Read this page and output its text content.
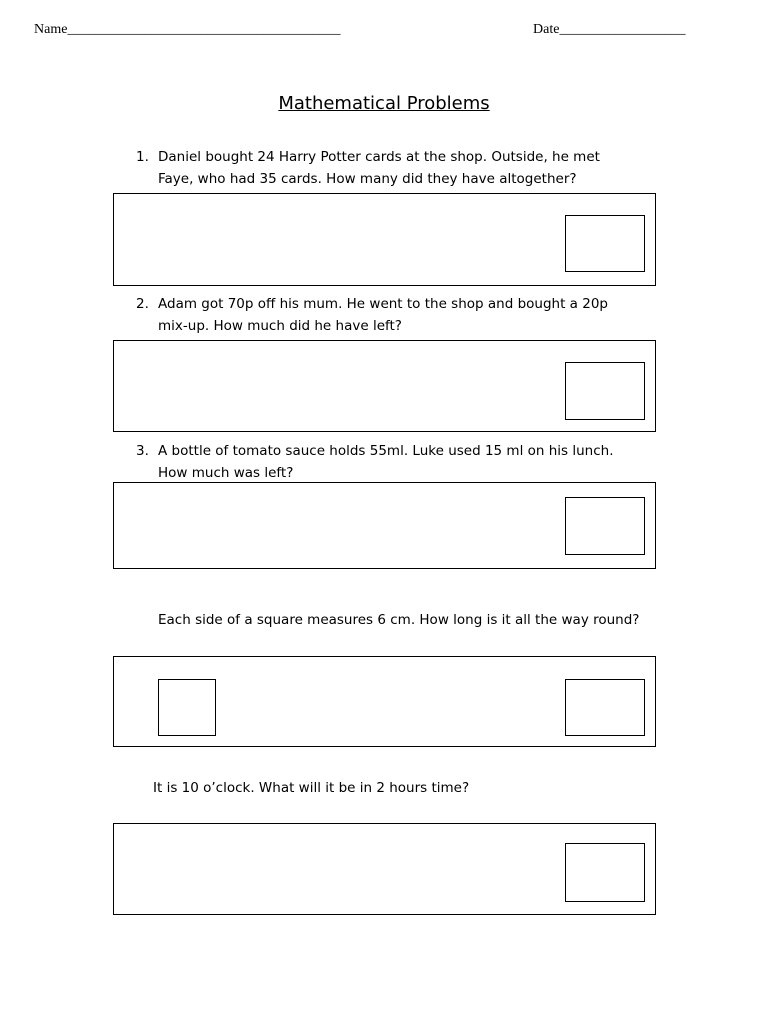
Name_______________________________________	Date__________________
Mathematical Problems
1. Daniel bought 24 Harry Potter cards at the shop. Outside, he met
Faye, who had 35 cards. How many did they have altogether?
2. Adam got 70p off his mum. He went to the shop and bought a 20p
mix-up. How much did he have left?
3. A bottle of tomato sauce holds 55ml. Luke used 15 ml on his lunch.
How much was left?
Each side of a square measures 6 cm. How long is it all the way round?
It is 10 o’clock. What will it be in 2 hours time?
